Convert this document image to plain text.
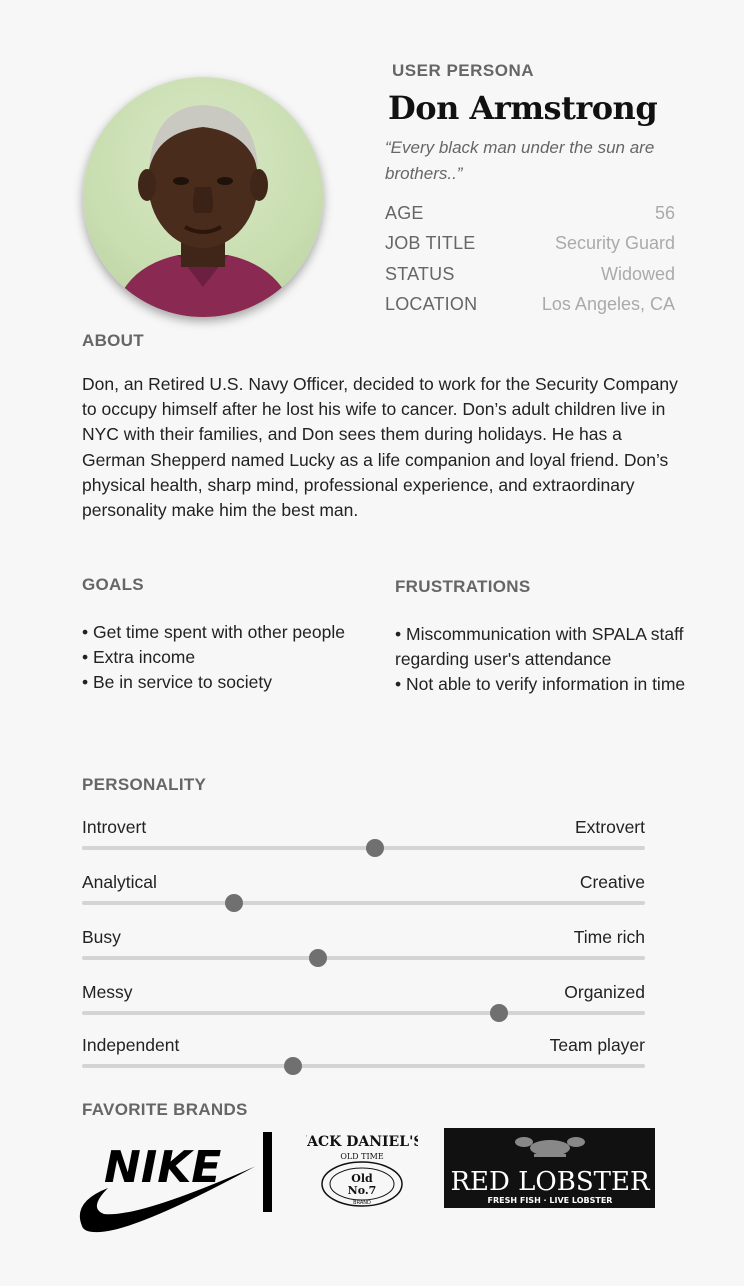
USER PERSONA
Don Armstrong
“Every black man under the sun are brothers..”
AGE	56
JOB TITLE	Security Guard
STATUS	Widowed
LOCATION	Los Angeles, CA
ABOUT
Don, an Retired U.S. Navy Officer, decided to work for the Security Company to occupy himself after he lost his wife to cancer. Don’s adult children live in NYC with their families, and Don sees them during holidays. He has a German Shepperd named Lucky as a life companion and loyal friend. Don’s physical health, sharp mind, professional experience, and extraordinary personality make him the best man.
GOALS
• Get time spent with other people
• Extra income
• Be in service to society
FRUSTRATIONS
• Miscommunication with SPALA staff regarding user's attendance
• Not able to verify information in time
PERSONALITY
Introvert	Extrovert
Analytical	Creative
Busy	Time rich
Messy	Organized
Independent	Team player
FAVORITE BRANDS
NIKE	JACK DANIEL'S
OLD TIME
Old
No.7
BRAND
RED LOBSTER
FRESH FISH · LIVE LOBSTER
